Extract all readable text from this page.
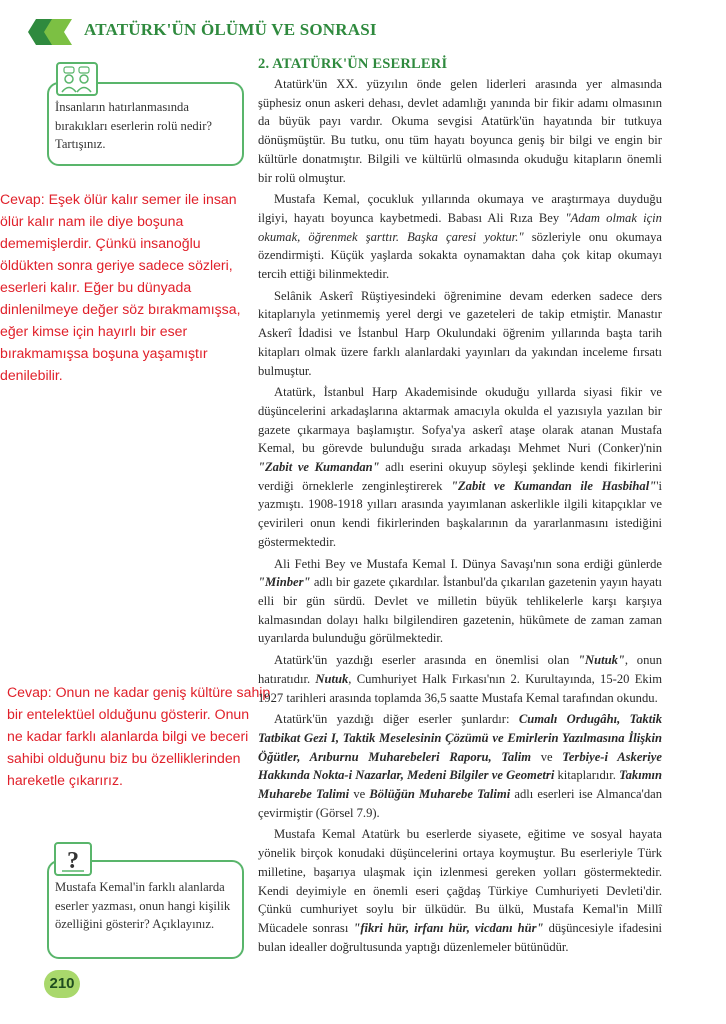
ATATÜRK'ÜN ÖLÜMÜ VE SONRASI
İnsanların hatırlanmasında bırakıkları eserlerin rolü nedir? Tartışınız.
Cevap: Eşek ölür kalır semer ile insan
ölür kalır nam ile diye boşuna
dememişlerdir. Çünkü insanoğlu
öldükten sonra geriye sadece sözleri,
eserleri kalır. Eğer bu dünyada
dinlenilmeye değer söz bırakmamışsa,
eğer kimse için hayırlı bir eser
bırakmamışsa boşuna yaşamıştır
denilebilir.
Cevap: Onun ne kadar geniş kültüre sahip
bir entelektüel olduğunu gösterir. Onun
ne kadar farklı alanlarda bilgi ve beceri
sahibi olduğunu biz bu özelliklerinden
hareketle çıkarırız.
?
Mustafa Kemal'in farklı alanlarda eserler yazması, onun hangi kişilik özelliğini gösterir? Açıklayınız.
2. ATATÜRK'ÜN ESERLERİ

Atatürk'ün XX. yüzyılın önde gelen liderleri arasında yer almasında şüphesiz onun askeri dehası, devlet adamlığı yanında bir fikir adamı olmasının da büyük payı vardır. Okuma sevgisi Atatürk'ün hayatında bir tutkuya dönüşmüştür. Bu tutku, onu tüm hayatı boyunca geniş bir bilgi ve engin bir kültürle donatmıştır. Bilgili ve kültürlü olmasında okuduğu kitapların önemli bir rolü olmuştur.

Mustafa Kemal, çocukluk yıllarında okumaya ve araştırmaya duyduğu ilgiyi, hayatı boyunca kaybetmedi. Babası Ali Rıza Bey "Adam olmak için okumak, öğrenmek şarttır. Başka çaresi yoktur." sözleriyle onu okumaya özendirmişti. Küçük yaşlarda sokakta oynamaktan daha çok kitap okumayı tercih ettiği bilinmektedir.

Selânik Askerî Rüştiyesindeki öğrenimine devam ederken sadece ders kitaplarıyla yetinmemiş yerel dergi ve gazeteleri de takip etmiştir. Manastır Askerî İdadisi ve İstanbul Harp Okulundaki öğrenim yıllarında başta tarih kitapları olmak üzere farklı alanlardaki yayınları da yakından inceleme fırsatı bulmuştur.

Atatürk, İstanbul Harp Akademisinde okuduğu yıllarda siyasi fikir ve düşüncelerini arkadaşlarına aktarmak amacıyla okulda el yazısıyla yazılan bir gazete çıkarmaya başlamıştır. Sofya'ya askerî ataşe olarak atanan Mustafa Kemal, bu görevde bulunduğu sırada arkadaşı Mehmet Nuri (Conker)'nin "Zabit ve Kumandan" adlı eserini okuyup söyleşi şeklinde kendi fikirlerini verdiği örneklerle zenginleştirerek "Zabit ve Kumandan ile Hasbihal"'i yazmıştı. 1908-1918 yılları arasında yayımlanan askerlikle ilgili kitapçıklar ve çevirileri onun kendi fikirlerinden başkalarının da yararlanmasını istediğini göstermektedir.

Ali Fethi Bey ve Mustafa Kemal I. Dünya Savaşı'nın sona erdiği günlerde "Minber" adlı bir gazete çıkardılar. İstanbul'da çıkarılan gazetenin yayın hayatı elli bir gün sürdü. Devlet ve milletin büyük tehlikelerle karşı karşıya kalmasından dolayı halkı bilgilendiren gazetenin, hükûmete de zaman zaman uyarılarda bulunduğu görülmektedir.

Atatürk'ün yazdığı eserler arasında en önemlisi olan "Nutuk", onun hatıratıdır. Nutuk, Cumhuriyet Halk Fırkası'nın 2. Kurultayında, 15-20 Ekim 1927 tarihleri arasında toplamda 36,5 saatte Mustafa Kemal tarafından okundu.

Atatürk'ün yazdığı diğer eserler şunlardır: Cumalı Ordugâhı, Taktik Tatbikat Gezi I, Taktik Meselesinin Çözümü ve Emirlerin Yazılmasına İlişkin Öğütler, Arıburnu Muharebeleri Raporu, Talim ve Terbiye-i Askeriye Hakkında Nokta-i Nazarlar, Medeni Bilgiler ve Geometri kitaplarıdır. Takımın Muharebe Talimi ve Bölüğün Muharebe Talimi adlı eserleri ise Almanca'dan çevirmiştir (Görsel 7.9).

Mustafa Kemal Atatürk bu eserlerde siyasete, eğitime ve sosyal hayata yönelik birçok konudaki düşüncelerini ortaya koymuştur. Bu eserleriyle Türk milletine, başarıya ulaşmak için izlenmesi gereken yolları göstermektedir. Kendi deyimiyle en önemli eseri çağdaş Türkiye Cumhuriyeti Devleti'dir. Çünkü cumhuriyet soylu bir ülküdür. Bu ülkü, Mustafa Kemal'in Millî Mücadele sonrası "fikri hür, irfanı hür, vicdanı hür" düşüncesiyle ifadesini bulan idealler doğrultusunda yaptığı düzenlemeler bütünüdür.

210
